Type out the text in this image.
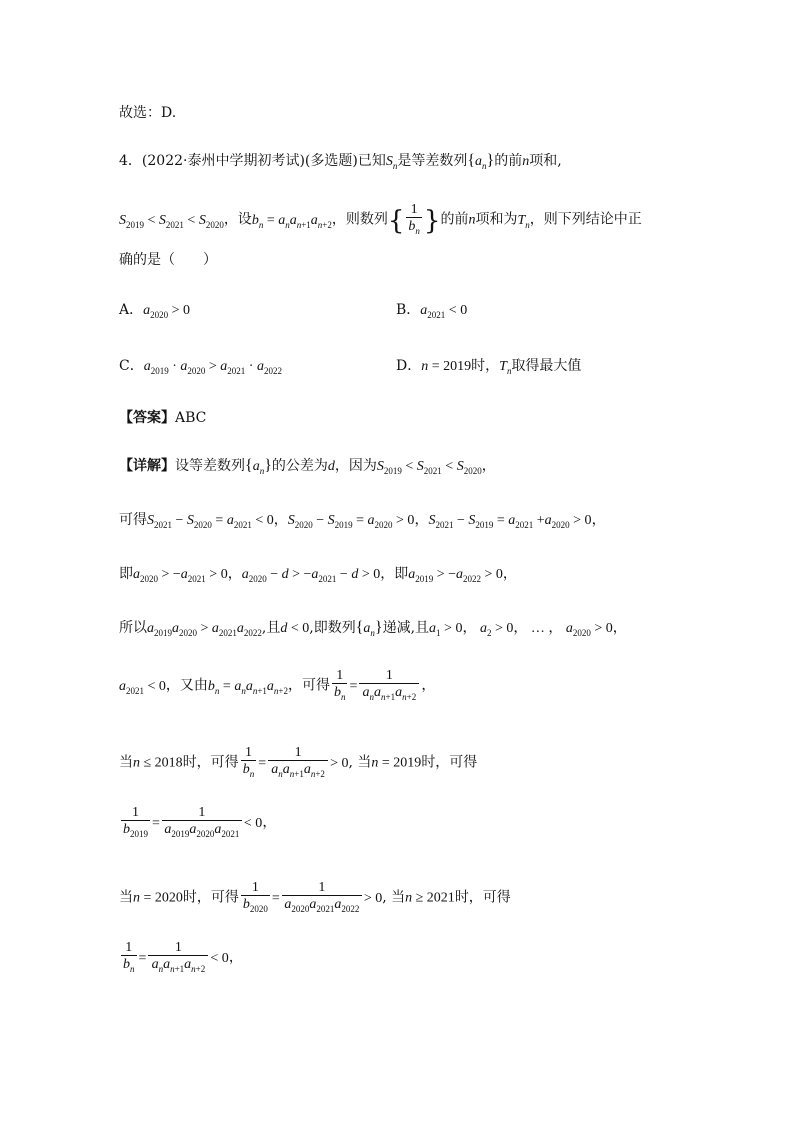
故选：D.
4．(2022·泰州中学期初考试)(多选题)已知$S_n$是等差数列$\{a_n\}$的前n项和,
$S_{2019} < S_{2021} < S_{2020}$，设$b_n = a_na_{n+1}a_{n+2}$，则数列{ $\frac{1}{b_n}$ }的前n项和为$T_n$，则下列结论中正
确的是（　　）
A．$a_{2020} > 0$	B．$a_{2021} < 0$
C．$a_{2019} \cdot a_{2020} > a_{2021} \cdot a_{2022}$	D．n = 2019时，$T_n$取得最大值
【答案】ABC
【详解】设等差数列$\{a_n\}$的公差为d，因为$S_{2019} < S_{2021} < S_{2020}$，
可得$S_{2021} - S_{2020} = a_{2021} < 0$，$S_{2020} - S_{2019} = a_{2020} > 0$，$S_{2021} - S_{2019} = a_{2021} +a_{2020} > 0$，
即$a_{2020} > -a_{2021} > 0$，$a_{2020} - d > -a_{2021} - d > 0$，即$a_{2019} > -a_{2022} > 0$，
所以$a_{2019}a_{2020} > a_{2021}a_{2022}$,且d < 0,即数列$\{a_n\}$递减,且$a_1 > 0$， $a_2 > 0$， … ， $a_{2020} > 0$，
$a_{2021} < 0$，又由$b_n = a_na_{n+1}a_{n+2}$，可得 $\frac{1}{b_n} = \frac{1}{a_na_{n+1}a_{n+2}}$ ，
当n ≤ 2018时，可得 $\frac{1}{b_n} = \frac{1}{a_na_{n+1}a_{n+2}} > 0$, 当n = 2019时，可得
$\frac{1}{b_{2019}} = \frac{1}{a_{2019}a_{2020}a_{2021}} < 0$，
当n = 2020时，可得 $\frac{1}{b_{2020}} = \frac{1}{a_{2020}a_{2021}a_{2022}} > 0$, 当n ≥ 2021时，可得
$\frac{1}{b_n} = \frac{1}{a_na_{n+1}a_{n+2}} < 0$，
